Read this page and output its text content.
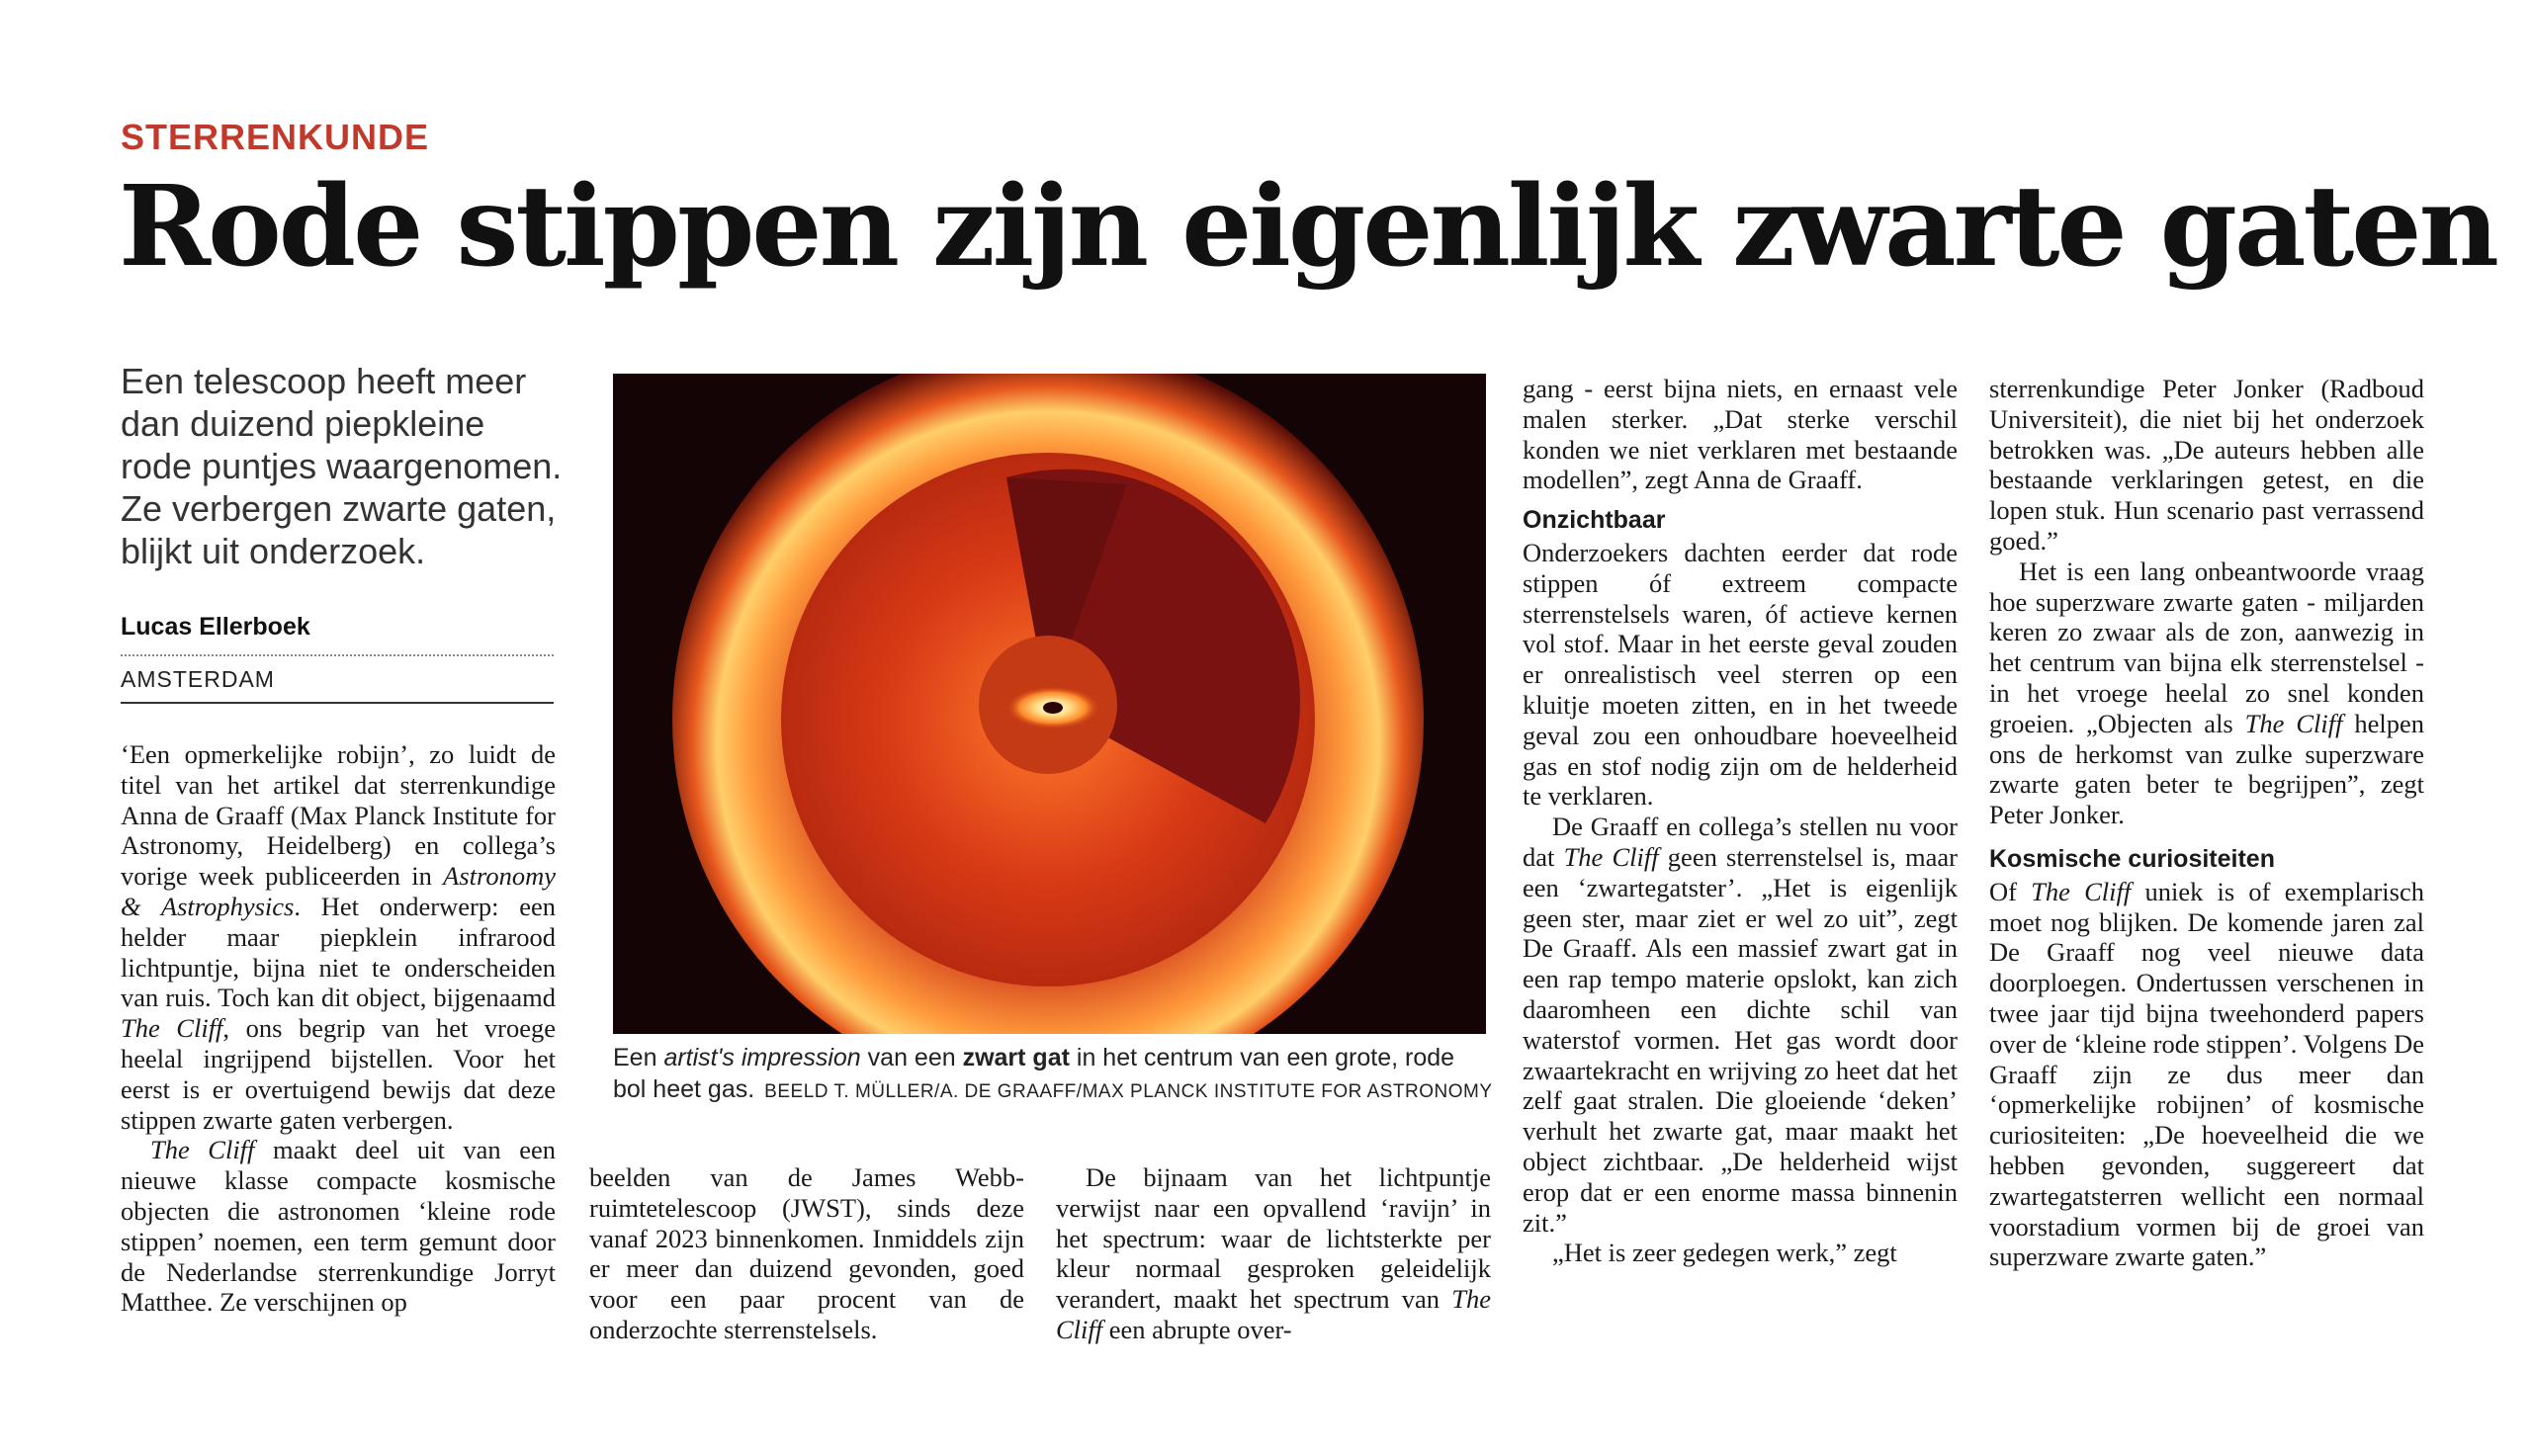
STERRENKUNDE
Rode stippen zijn eigenlijk zwarte gaten
Een telescoop heeft meer dan duizend piepkleine rode puntjes waargenomen. Ze verbergen zwarte gaten, blijkt uit onderzoek.
Lucas Ellerboek
AMSTERDAM

‘Een opmerkelijke robijn’, zo luidt de titel van het artikel dat sterrenkundige Anna de Graaff (Max Planck Institute for Astronomy, Heidelberg) en collega’s vorige week publiceerden in Astronomy & Astrophysics. Het onderwerp: een helder maar piepklein infrarood lichtpuntje, bijna niet te onderscheiden van ruis. Toch kan dit object, bijgenaamd The Cliff, ons begrip van het vroege heelal ingrijpend bijstellen. Voor het eerst is er overtuigend bewijs dat deze stippen zwarte gaten verbergen.

The Cliff maakt deel uit van een nieuwe klasse compacte kosmische objecten die astronomen ‘kleine rode stippen’ noemen, een term gemunt door de Nederlandse sterrenkundige Jorryt Matthee. Ze verschijnen op

Een artist's impression van een zwart gat in het centrum van een grote, rode bol heet gas. BEELD T. MÜLLER/A. DE GRAAFF/MAX PLANCK INSTITUTE FOR ASTRONOMY

beelden van de James Webb-ruimtetelescoop (JWST), sinds deze vanaf 2023 binnenkomen. Inmiddels zijn er meer dan duizend gevonden, goed voor een paar procent van de onderzochte sterrenstelsels.

De bijnaam van het lichtpuntje verwijst naar een opvallend ‘ravijn’ in het spectrum: waar de lichtsterkte per kleur normaal gesproken geleidelijk verandert, maakt het spectrum van The Cliff een abrupte over-

gang - eerst bijna niets, en ernaast vele malen sterker. „Dat sterke verschil konden we niet verklaren met bestaande modellen”, zegt Anna de Graaff.

Onzichtbaar

Onderzoekers dachten eerder dat rode stippen óf extreem compacte sterrenstelsels waren, óf actieve kernen vol stof. Maar in het eerste geval zouden er onrealistisch veel sterren op een kluitje moeten zitten, en in het tweede geval zou een onhoudbare hoeveelheid gas en stof nodig zijn om de helderheid te verklaren.

De Graaff en collega’s stellen nu voor dat The Cliff geen sterrenstelsel is, maar een ‘zwartegatster’. „Het is eigenlijk geen ster, maar ziet er wel zo uit”, zegt De Graaff. Als een massief zwart gat in een rap tempo materie opslokt, kan zich daaromheen een dichte schil van waterstof vormen. Het gas wordt door zwaartekracht en wrijving zo heet dat het zelf gaat stralen. Die gloeiende ‘deken’ verhult het zwarte gat, maar maakt het object zichtbaar. „De helderheid wijst erop dat er een enorme massa binnenin zit.”

„Het is zeer gedegen werk,” zegt

sterrenkundige Peter Jonker (Radboud Universiteit), die niet bij het onderzoek betrokken was. „De auteurs hebben alle bestaande verklaringen getest, en die lopen stuk. Hun scenario past verrassend goed.”

Het is een lang onbeantwoorde vraag hoe superzware zwarte gaten - miljarden keren zo zwaar als de zon, aanwezig in het centrum van bijna elk sterrenstelsel - in het vroege heelal zo snel konden groeien. „Objecten als The Cliff helpen ons de herkomst van zulke superzware zwarte gaten beter te begrijpen”, zegt Peter Jonker.

Kosmische curiositeiten

Of The Cliff uniek is of exemplarisch moet nog blijken. De komende jaren zal De Graaff nog veel nieuwe data doorploegen. Ondertussen verschenen in twee jaar tijd bijna tweehonderd papers over de ‘kleine rode stippen’. Volgens De Graaff zijn ze dus meer dan ‘opmerkelijke robijnen’ of kosmische curiositeiten: „De hoeveelheid die we hebben gevonden, suggereert dat zwartegatsterren wellicht een normaal voorstadium vormen bij de groei van superzware zwarte gaten.”
